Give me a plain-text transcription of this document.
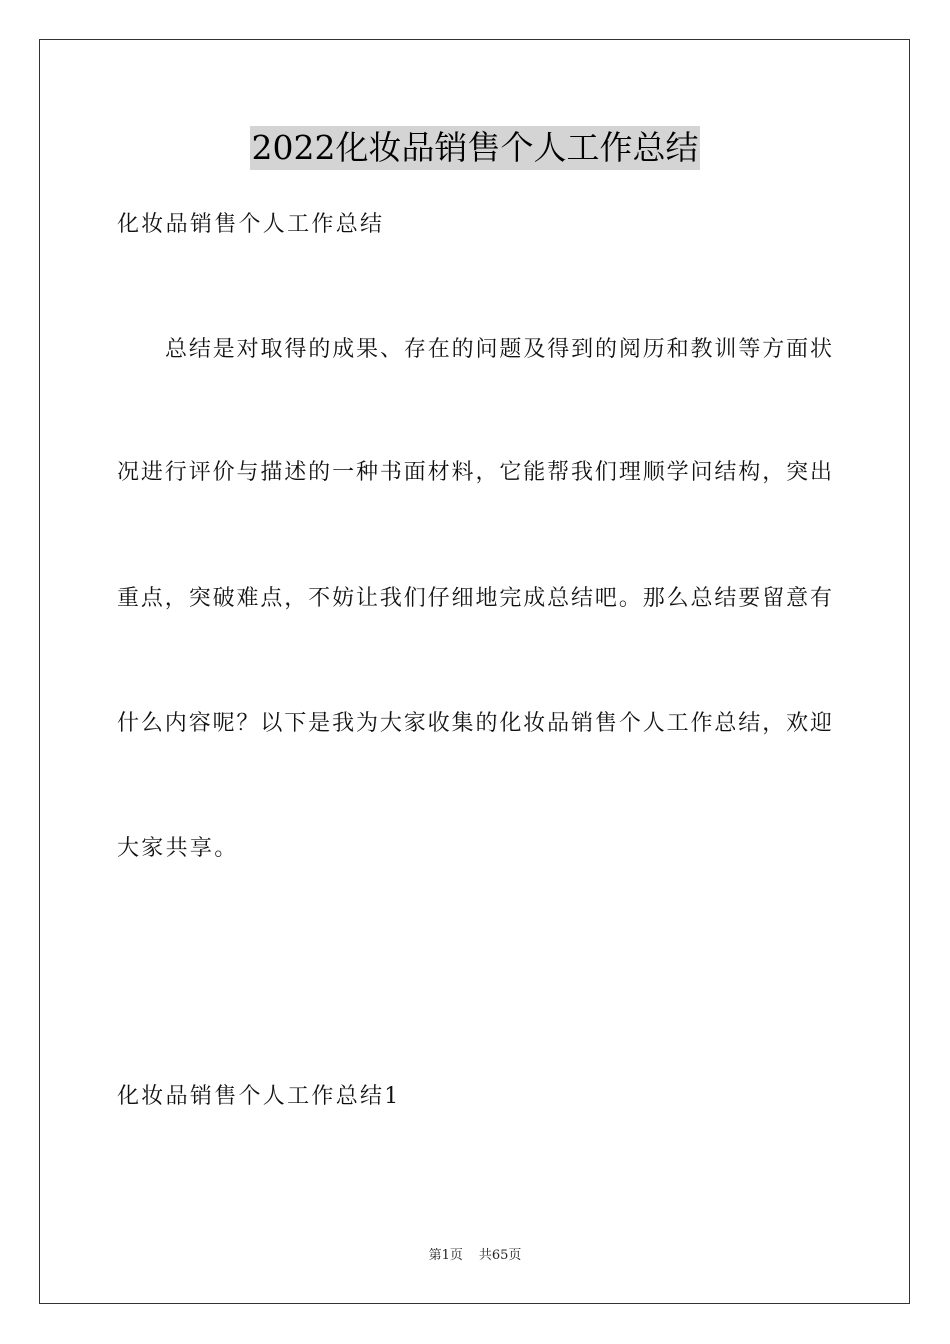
2022化妆品销售个人工作总结
化妆品销售个人工作总结
总结是对取得的成果、存在的问题及得到的阅历和教训等方面状
况进行评价与描述的一种书面材料，它能帮我们理顺学问结构，突出
重点，突破难点，不妨让我们仔细地完成总结吧。那么总结要留意有
什么内容呢？以下是我为大家收集的化妆品销售个人工作总结，欢迎
大家共享。
化妆品销售个人工作总结1
第1页 共65页
